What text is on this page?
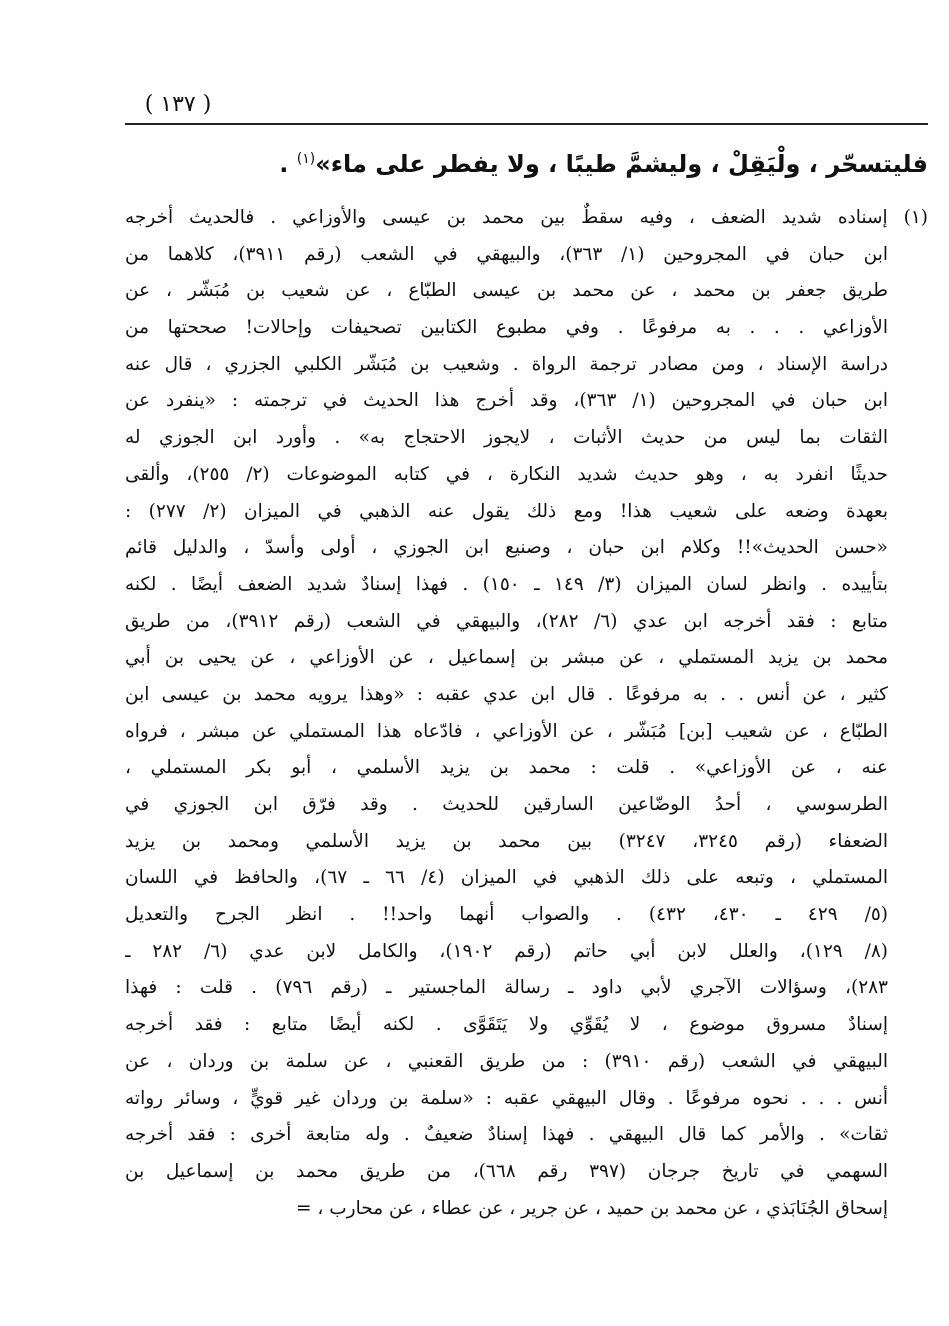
( ١٣٧ )

فليتسحّر ، ولْيَقِلْ ، وليشمَّ طيبًا ، ولا يفطر على ماء»$^{(١)}$ .

(١) إسناده شديد الضعف ، وفيه سقطٌ بين محمد بن عيسى والأوزاعي . فالحديث أخرجه
ابن حبان في المجروحين (١/ ٣٦٣)، والبيهقي في الشعب (رقم ٣٩١١)، كلاهما من
طريق جعفر بن محمد ، عن محمد بن عيسى الطبّاع ، عن شعيب بن مُبَشّر ، عن
الأوزاعي . . . به مرفوعًا . وفي مطبوع الكتابين تصحيفات وإحالات! صححتها من
دراسة الإسناد ، ومن مصادر ترجمة الرواة . وشعيب بن مُبَشّر الكلبي الجزري ، قال عنه
ابن حبان في المجروحين (١/ ٣٦٣)، وقد أخرج هذا الحديث في ترجمته : «ينفرد عن
الثقات بما ليس من حديث الأثبات ، لايجوز الاحتجاج به» . وأورد ابن الجوزي له
حديثًا انفرد به ، وهو حديث شديد النكارة ، في كتابه الموضوعات (٢/ ٢٥٥)، وألقى
بعهدة وضعه على شعيب هذا! ومع ذلك يقول عنه الذهبي في الميزان (٢/ ٢٧٧) :
«حسن الحديث»!! وكلام ابن حبان ، وصنيع ابن الجوزي ، أولى وأسدّ ، والدليل قائم
بتأييده . وانظر لسان الميزان (٣/ ١٤٩ ـ ١٥٠) . فهذا إسنادٌ شديد الضعف أيضًا . لكنه
متابع : فقد أخرجه ابن عدي (٦/ ٢٨٢)، والبيهقي في الشعب (رقم ٣٩١٢)، من طريق
محمد بن يزيد المستملي ، عن مبشر بن إسماعيل ، عن الأوزاعي ، عن يحيى بن أبي
كثير ، عن أنس . . به مرفوعًا . قال ابن عدي عقبه : «وهذا يرويه محمد بن عيسى ابن
الطبّاع ، عن شعيب [بن] مُبَشّر ، عن الأوزاعي ، فادّعاه هذا المستملي عن مبشر ، فرواه
عنه ، عن الأوزاعي» . قلت : محمد بن يزيد الأسلمي ، أبو بكر المستملي ،
الطرسوسي ، أحدُ الوضّاعين السارقين للحديث . وقد فرّق ابن الجوزي في
الضعفاء (رقم ٣٢٤٥، ٣٢٤٧) بين محمد بن يزيد الأسلمي ومحمد بن يزيد
المستملي ، وتبعه على ذلك الذهبي في الميزان (٤/ ٦٦ ـ ٦٧)، والحافظ في اللسان
(٥/ ٤٢٩ ـ ٤٣٠، ٤٣٢) . والصواب أنهما واحد!! . انظر الجرح والتعديل
(٨/ ١٢٩)، والعلل لابن أبي حاتم (رقم ١٩٠٢)، والكامل لابن عدي (٦/ ٢٨٢ ـ
٢٨٣)، وسؤالات الآجري لأبي داود ـ رسالة الماجستير ـ (رقم ٧٩٦) . قلت : فهذا
إسنادٌ مسروق موضوع ، لا يُقَوِّي ولا يَتَقَوَّى . لكنه أيضًا متابع : فقد أخرجه
البيهقي في الشعب (رقم ٣٩١٠) : من طريق القعنبي ، عن سلمة بن وردان ، عن
أنس . . . نحوه مرفوعًا . وقال البيهقي عقبه : «سلمة بن وردان غير قويٍّ ، وسائر رواته
ثقات» . والأمر كما قال البيهقي . فهذا إسنادٌ ضعيفٌ . وله متابعة أخرى : فقد أخرجه
السهمي في تاريخ جرجان (٣٩٧ رقم ٦٦٨)، من طريق محمد بن إسماعيل بن
إسحاق الجُنَابَذي ، عن محمد بن حميد ، عن جرير ، عن عطاء ، عن محارب ، =
